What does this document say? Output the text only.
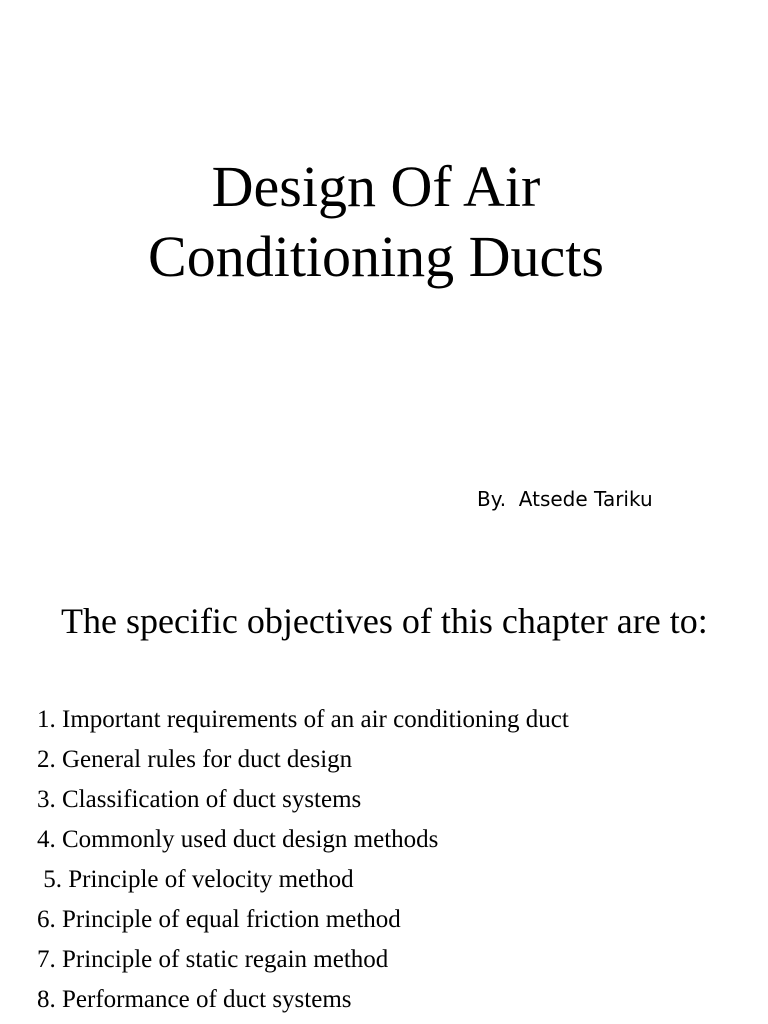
Design Of Air
Conditioning Ducts

By.  Atsede Tariku

The specific objectives of this chapter are to:
1. Important requirements of an air conditioning duct
2. General rules for duct design
3. Classification of duct systems
4. Commonly used duct design methods
5. Principle of velocity method
6. Principle of equal friction method
7. Principle of static regain method
8. Performance of duct systems
